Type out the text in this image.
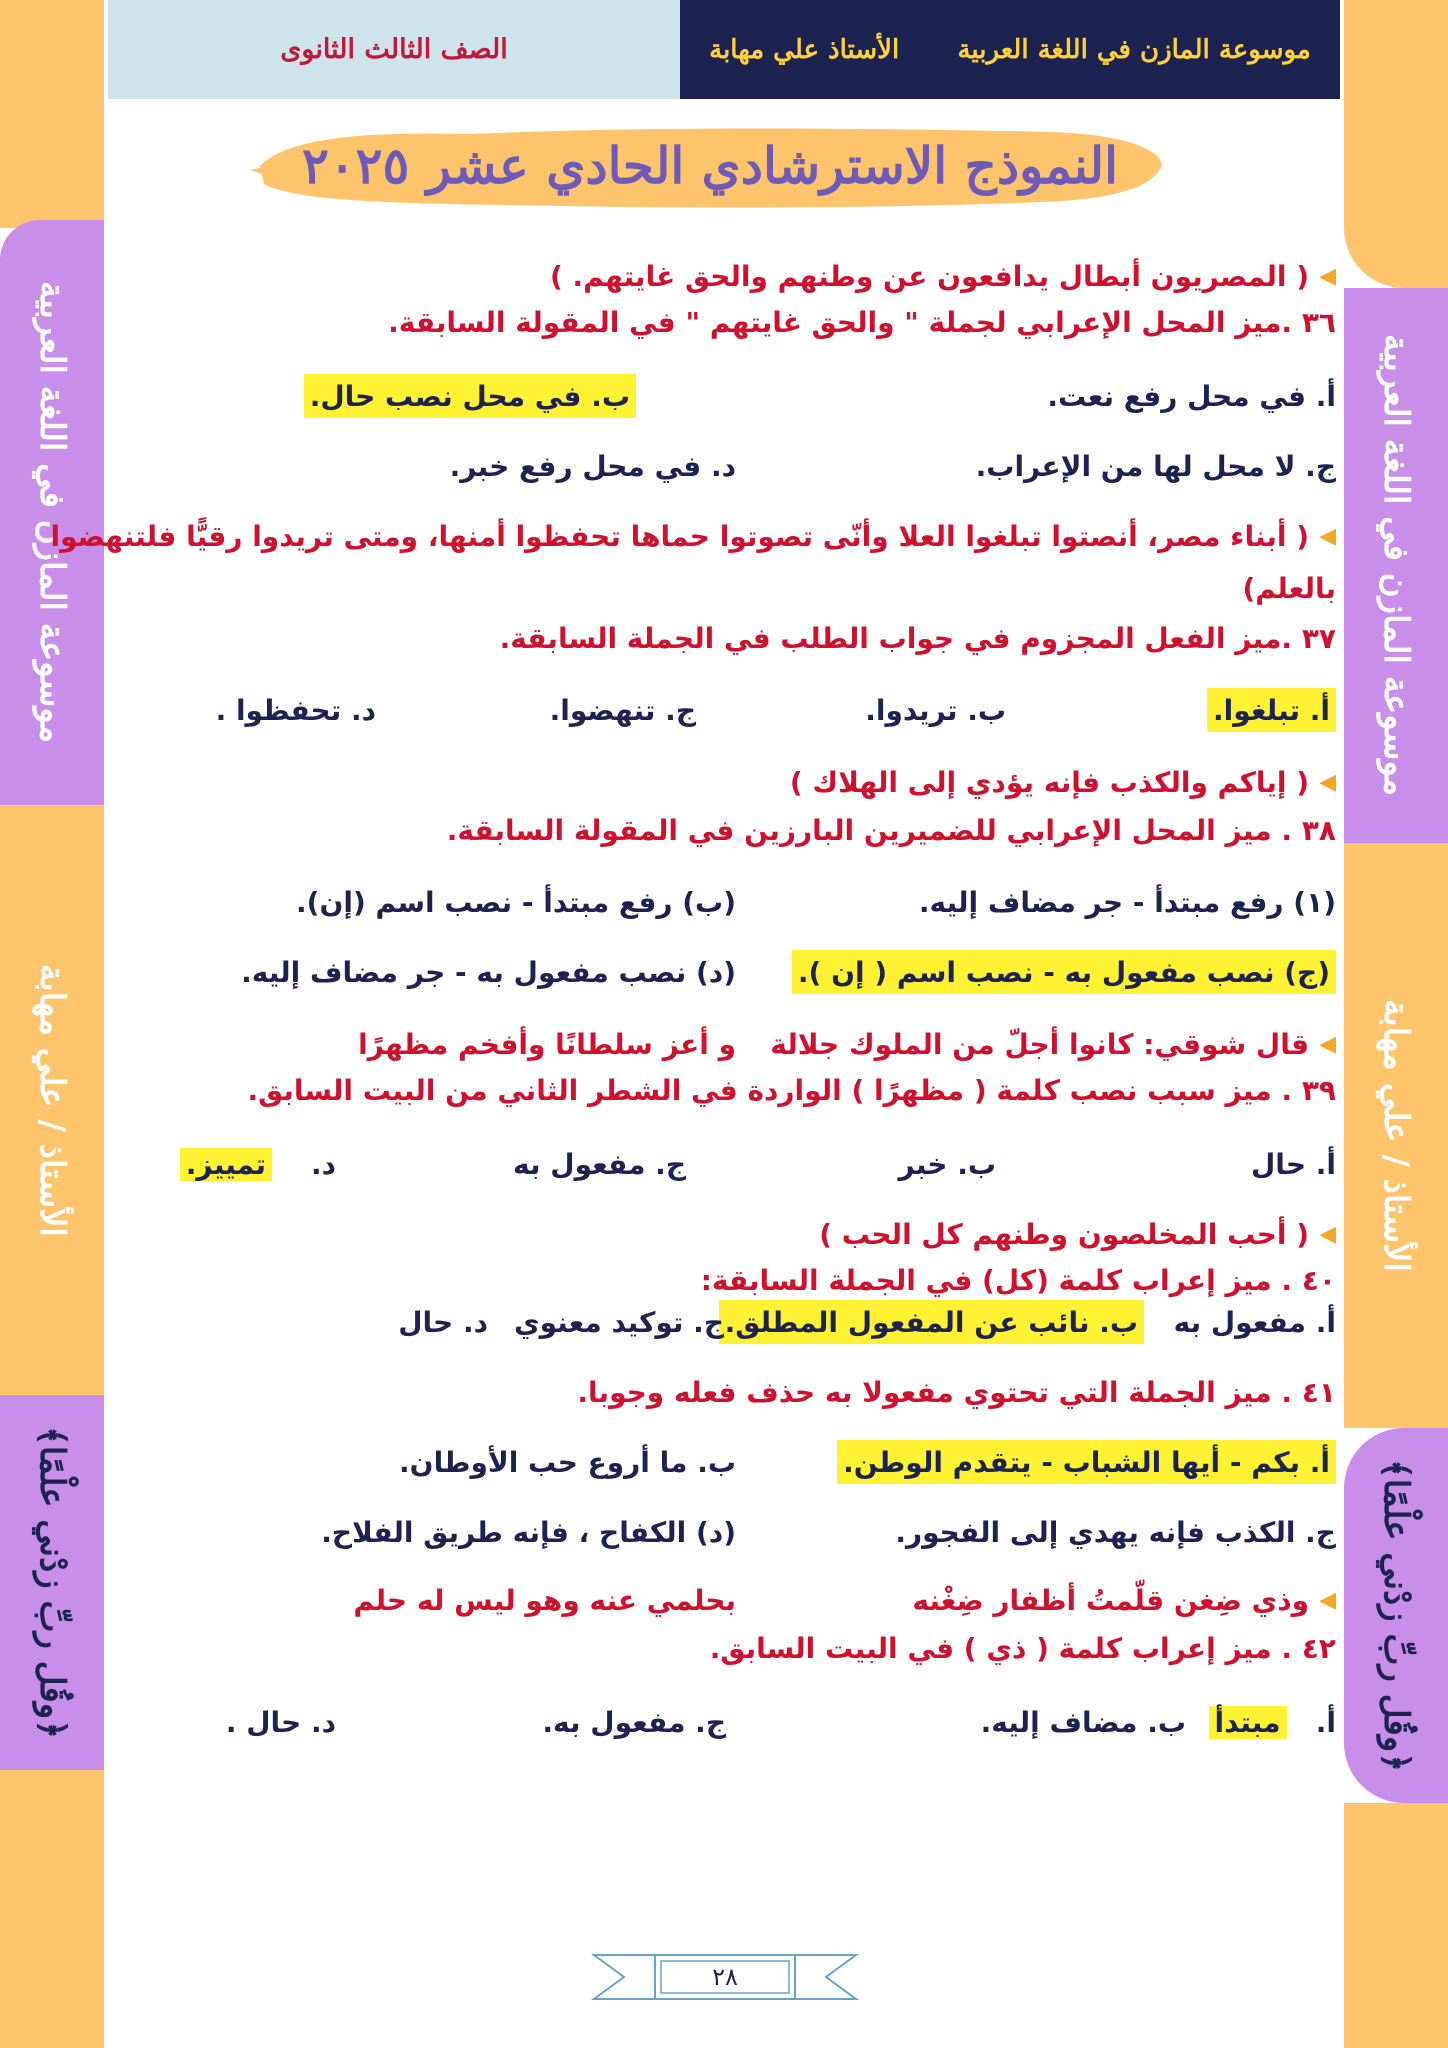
الصف الثالث الثانوى	الأستاذ علي مهابة موسوعة المازن في اللغة العربية
موسوعة المازن في اللغة العربية
الأستاذ / علي مهابة
﴿وقُل ربِّ زدْني علْمًا﴾
موسوعة المازن في اللغة العربية
الأستاذ / علي مهابة
﴿وقُل ربِّ زدْني علْمًا﴾
النموذج الاسترشادي الحادي عشر ٢٠٢٥
◀
( المصريون أبطال يدافعون عن وطنهم والحق غايتهم. )
٣٦ .ميز المحل الإعرابي لجملة " والحق غايتهم " في المقولة السابقة.
أ. في محل رفع نعت.
ب. في محل نصب حال.
ج. لا محل لها من الإعراب.
د. في محل رفع خبر.
◀
( أبناء مصر، أنصتوا تبلغوا العلا وأنّى تصوتوا حماها تحفظوا أمنها، ومتى تريدوا رقيًّا فلتنهضوا
بالعلم)
٣٧ .ميز الفعل المجزوم في جواب الطلب في الجملة السابقة.
أ. تبلغوا.
ب. تريدوا.
ج. تنهضوا.
د. تحفظوا .
◀
( إياكم والكذب فإنه يؤدي إلى الهلاك )
٣٨ . ميز المحل الإعرابي للضميرين البارزين في المقولة السابقة.
(١) رفع مبتدأ - جر مضاف إليه.
(ب) رفع مبتدأ - نصب اسم (إن).
(ج) نصب مفعول به - نصب اسم ( إن ).
(د) نصب مفعول به - جر مضاف إليه.
◀
قال شوقي: كانوا أجلّ من الملوك جلالة
و أعز سلطانًا وأفخم مظهرًا
٣٩ . ميز سبب نصب كلمة ( مظهرًا ) الواردة في الشطر الثاني من البيت السابق.
أ. حال
ب. خبر
ج. مفعول به
د.

تمييز.
◀
( أحب المخلصون وطنهم كل الحب )
٤٠ . ميز إعراب كلمة (كل) في الجملة السابقة:
أ. مفعول به
ب. نائب عن المفعول المطلق.
ج. توكيد معنوي
د. حال
٤١ . ميز الجملة التي تحتوي مفعولا به حذف فعله وجوبا.
أ. بكم - أيها الشباب - يتقدم الوطن.
ب. ما أروع حب الأوطان.
ج. الكذب فإنه يهدي إلى الفجور.
(د) الكفاح ، فإنه طريق الفلاح.
◀
وذي ضِغن قلّمتُ أظفار ضِغْنه
بحلمي عنه وهو ليس له حلم
٤٢ . ميز إعراب كلمة ( ذي ) في البيت السابق.
أ.

مبتدأ
ب. مضاف إليه.
ج. مفعول به.
د. حال .
٢٨
